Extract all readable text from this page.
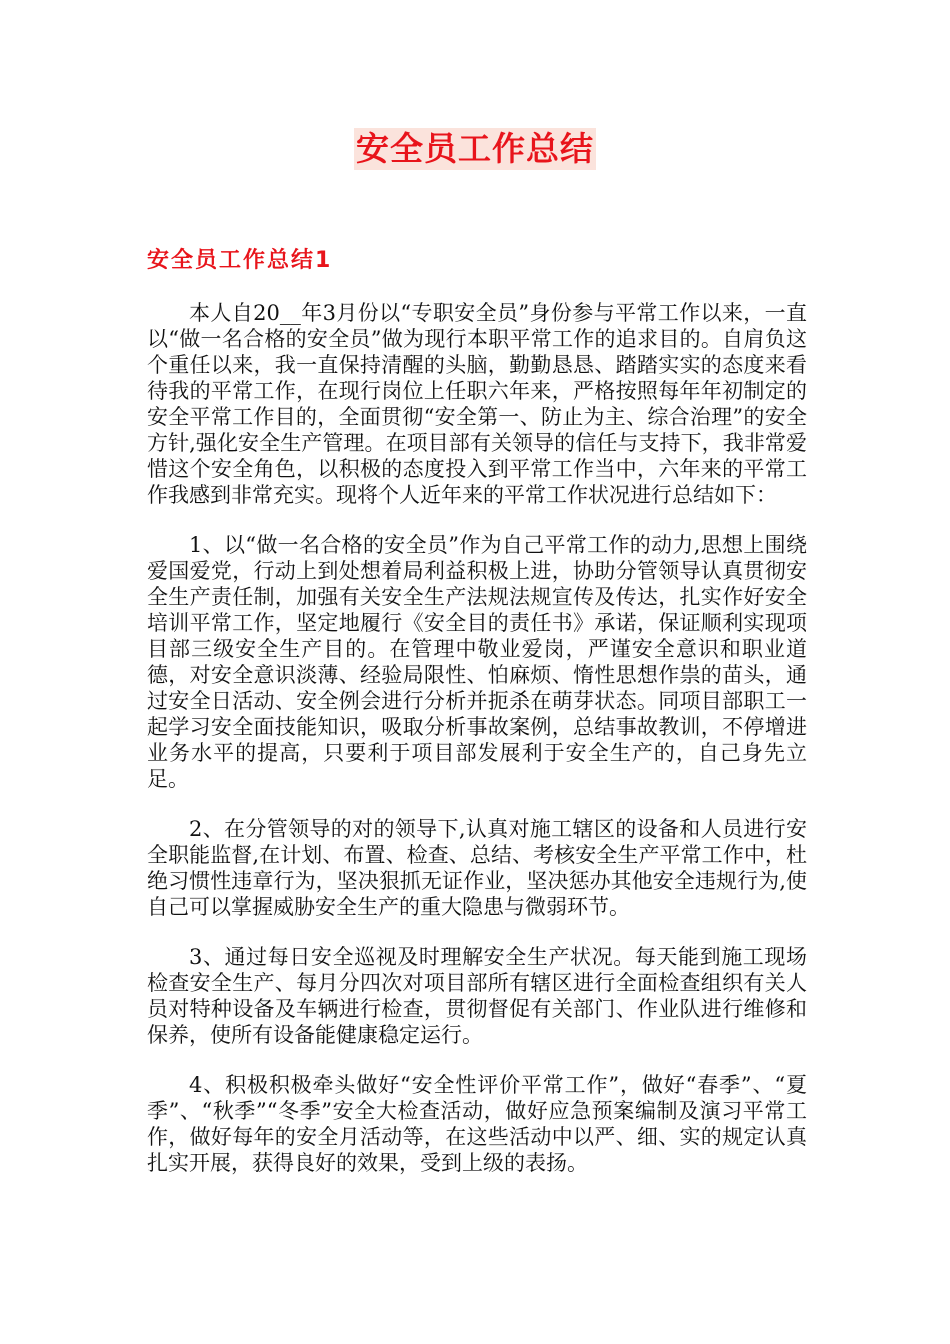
安全员工作总结
安全员工作总结1

本人自20__年3月份以“专职安全员”身份参与平常工作以来，一直以“做一名合格的安全员”做为现行本职平常工作的追求目的。自肩负这个重任以来，我一直保持清醒的头脑，勤勤恳恳、踏踏实实的态度来看待我的平常工作，在现行岗位上任职六年来，严格按照每年年初制定的安全平常工作目的，全面贯彻“安全第一、防止为主、综合治理”的安全方针,强化安全生产管理。在项目部有关领导的信任与支持下，我非常爱惜这个安全角色，以积极的态度投入到平常工作当中，六年来的平常工作我感到非常充实。现将个人近年来的平常工作状况进行总结如下：

1、以“做一名合格的安全员”作为自己平常工作的动力,思想上围绕爱国爱党，行动上到处想着局利益积极上进，协助分管领导认真贯彻安全生产责任制，加强有关安全生产法规法规宣传及传达，扎实作好安全培训平常工作，坚定地履行《安全目的责任书》承诺，保证顺利实现项目部三级安全生产目的。在管理中敬业爱岗，严谨安全意识和职业道德，对安全意识淡薄、经验局限性、怕麻烦、惰性思想作祟的苗头，通过安全日活动、安全例会进行分析并扼杀在萌芽状态。同项目部职工一起学习安全面技能知识，吸取分析事故案例，总结事故教训，不停增进业务水平的提高，只要利于项目部发展利于安全生产的，自己身先立足。

2、在分管领导的对的领导下,认真对施工辖区的设备和人员进行安全职能监督,在计划、布置、检查、总结、考核安全生产平常工作中，杜绝习惯性违章行为，坚决狠抓无证作业，坚决惩办其他安全违规行为,使自己可以掌握威胁安全生产的重大隐患与微弱环节。

3、通过每日安全巡视及时理解安全生产状况。每天能到施工现场检查安全生产、每月分四次对项目部所有辖区进行全面检查组织有关人员对特种设备及车辆进行检查，贯彻督促有关部门、作业队进行维修和保养，使所有设备能健康稳定运行。

4、积极积极牵头做好“安全性评价平常工作”，做好“春季”、“夏季”、“秋季”“冬季”安全大检查活动，做好应急预案编制及演习平常工作，做好每年的安全月活动等，在这些活动中以严、细、实的规定认真扎实开展，获得良好的效果，受到上级的表扬。
